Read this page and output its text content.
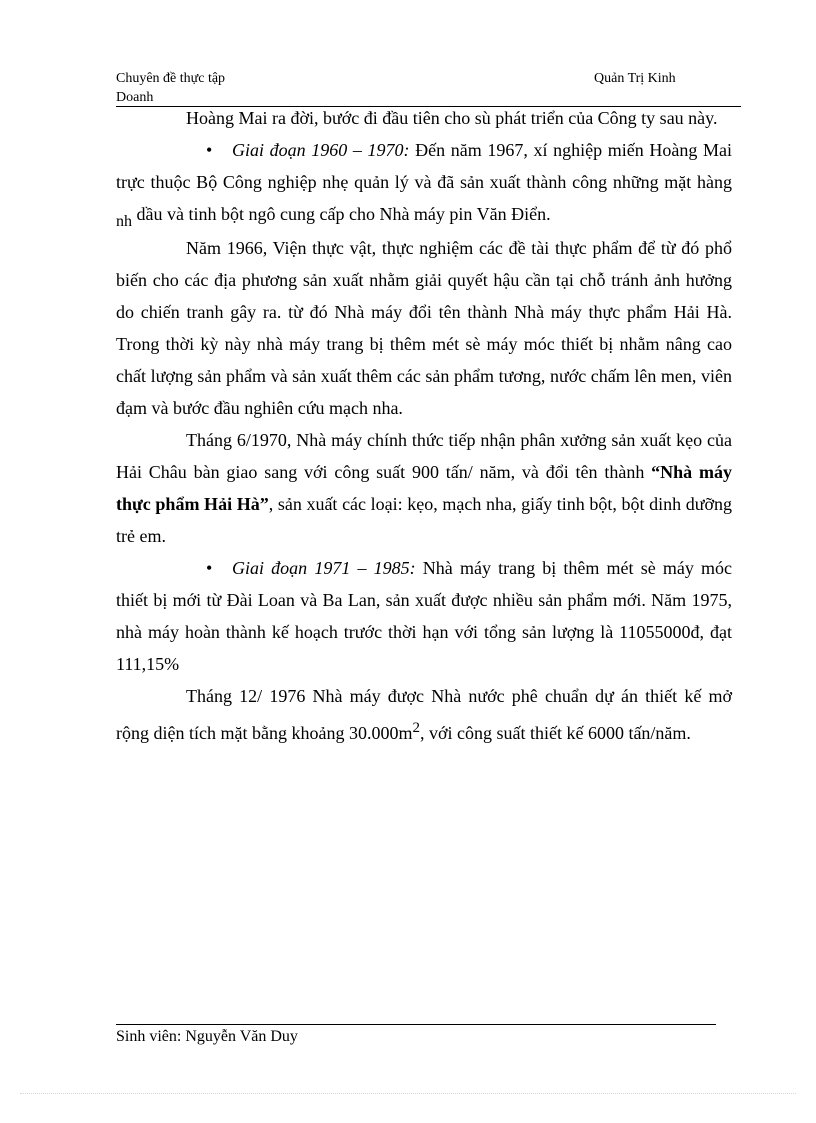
Chuyên đề thực tập
Doanh
Quản Trị Kinh

Hoàng Mai ra đời, bước đi đầu tiên cho sù phát triển của Công ty sau này.

• Giai đoạn 1960 – 1970: Đến năm 1967, xí nghiệp miến Hoàng Mai trực thuộc Bộ Công nghiệp nhẹ quản lý và đã sản xuất thành công những mặt hàng nh dầu và tinh bột ngô cung cấp cho Nhà máy pin Văn Điển.

Năm 1966, Viện thực vật, thực nghiệm các đề tài thực phẩm để từ đó phổ biến cho các địa phương sản xuất nhằm giải quyết hậu cần tại chỗ tránh ảnh hưởng do chiến tranh gây ra. từ đó Nhà máy đổi tên thành Nhà máy thực phẩm Hải Hà. Trong thời kỳ này nhà máy trang bị thêm mét sè máy móc thiết bị nhằm nâng cao chất lượng sản phẩm và sản xuất thêm các sản phẩm tương, nước chấm lên men, viên đạm và bước đầu nghiên cứu mạch nha.

Tháng 6/1970, Nhà máy chính thức tiếp nhận phân xưởng sản xuất kẹo của Hải Châu bàn giao sang với công suất 900 tấn/ năm, và đổi tên thành “Nhà máy thực phẩm Hải Hà”, sản xuất các loại: kẹo, mạch nha, giấy tinh bột, bột dinh dưỡng trẻ em.

• Giai đoạn 1971 – 1985: Nhà máy trang bị thêm mét sè máy móc thiết bị mới từ Đài Loan và Ba Lan, sản xuất được nhiều sản phẩm mới. Năm 1975, nhà máy hoàn thành kế hoạch trước thời hạn với tổng sản lượng là 11055000đ, đạt 111,15%

Tháng 12/ 1976 Nhà máy được Nhà nước phê chuẩn dự án thiết kế mở rộng diện tích mặt bằng khoảng $30.000m^2$, với công suất thiết kế 6000 tấn/năm.

Sinh viên: Nguyễn Văn Duy
